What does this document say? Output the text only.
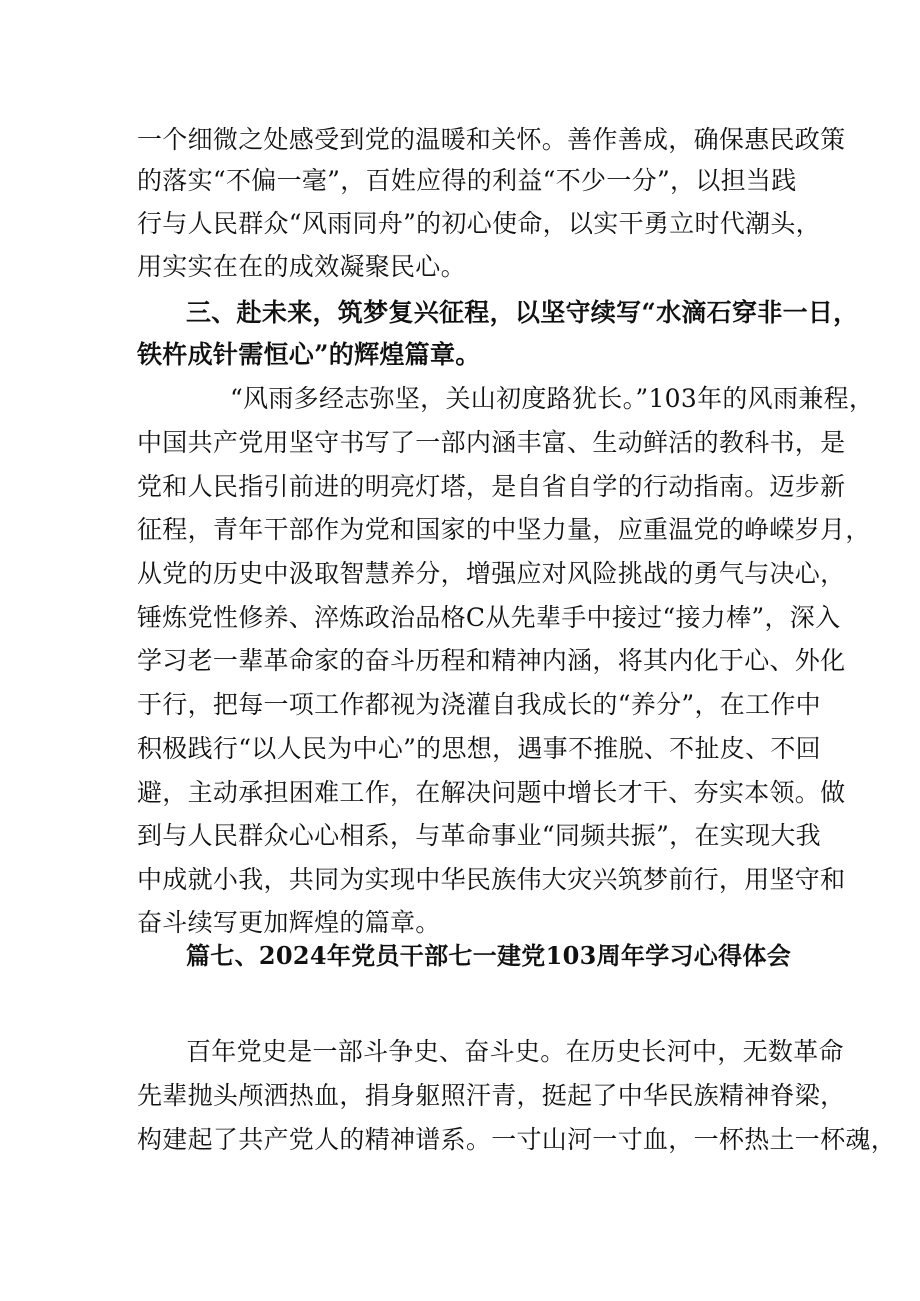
一个细微之处感受到党的温暖和关怀。善作善成，确保惠民政策
的落实“不偏一毫”，百姓应得的利益“不少一分”，以担当践
行与人民群众“风雨同舟”的初心使命，以实干勇立时代潮头，
用实实在在的成效凝聚民心。
三、赴未来，筑梦复兴征程，以坚守续写“水滴石穿非一日，
铁杵成针需恒心”的辉煌篇章。
“风雨多经志弥坚，关山初度路犹长。”103年的风雨兼程，
中国共产党用坚守书写了一部内涵丰富、生动鲜活的教科书，是
党和人民指引前进的明亮灯塔，是自省自学的行动指南。迈步新
征程，青年干部作为党和国家的中坚力量，应重温党的峥嵘岁月，
从党的历史中汲取智慧养分，增强应对风险挑战的勇气与决心，
锤炼党性修养、淬炼政治品格C从先辈手中接过“接力棒”，深入
学习老一辈革命家的奋斗历程和精神内涵，将其内化于心、外化
于行，把每一项工作都视为浇灌自我成长的“养分”，在工作中
积极践行“以人民为中心”的思想，遇事不推脱、不扯皮、不回
避，主动承担困难工作，在解决问题中增长才干、夯实本领。做
到与人民群众心心相系，与革命事业“同频共振”，在实现大我
中成就小我，共同为实现中华民族伟大灾兴筑梦前行，用坚守和
奋斗续写更加辉煌的篇章。
篇七、2024年党员干部七一建党103周年学习心得体会
百年党史是一部斗争史、奋斗史。在历史长河中，无数革命
先辈抛头颅洒热血，捐身躯照汗青，挺起了中华民族精神脊梁，
构建起了共产党人的精神谱系。一寸山河一寸血，一杯热土一杯魂，
